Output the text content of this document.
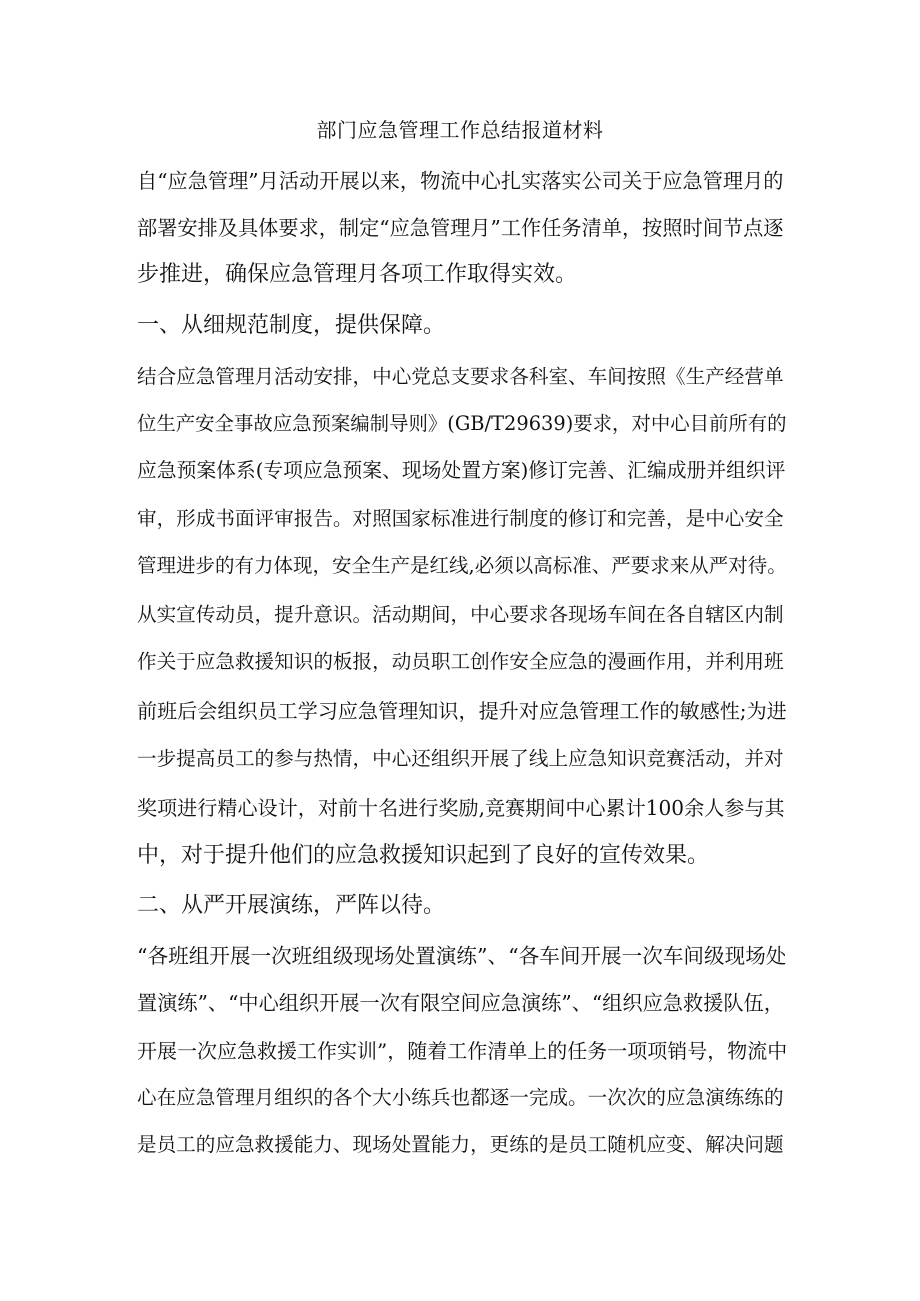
部门应急管理工作总结报道材料
自“应急管理”月活动开展以来，物流中心扎实落实公司关于应急管理月的
部署安排及具体要求，制定“应急管理月”工作任务清单，按照时间节点逐
步推进，确保应急管理月各项工作取得实效。
一、从细规范制度，提供保障。
结合应急管理月活动安排，中心党总支要求各科室、车间按照《生产经营单
位生产安全事故应急预案编制导则》(GB/T29639)要求，对中心目前所有的
应急预案体系(专项应急预案、现场处置方案)修订完善、汇编成册并组织评
审，形成书面评审报告。对照国家标准进行制度的修订和完善，是中心安全
管理进步的有力体现，安全生产是红线,必须以高标准、严要求来从严对待。
从实宣传动员，提升意识。活动期间，中心要求各现场车间在各自辖区内制
作关于应急救援知识的板报，动员职工创作安全应急的漫画作用，并利用班
前班后会组织员工学习应急管理知识，提升对应急管理工作的敏感性;为进
一步提高员工的参与热情，中心还组织开展了线上应急知识竞赛活动，并对
奖项进行精心设计，对前十名进行奖励,竞赛期间中心累计100余人参与其
中，对于提升他们的应急救援知识起到了良好的宣传效果。
二、从严开展演练，严阵以待。
“各班组开展一次班组级现场处置演练”、“各车间开展一次车间级现场处
置演练”、“中心组织开展一次有限空间应急演练”、“组织应急救援队伍，
开展一次应急救援工作实训”，随着工作清单上的任务一项项销号，物流中
心在应急管理月组织的各个大小练兵也都逐一完成。一次次的应急演练练的
是员工的应急救援能力、现场处置能力，更练的是员工随机应变、解决问题
